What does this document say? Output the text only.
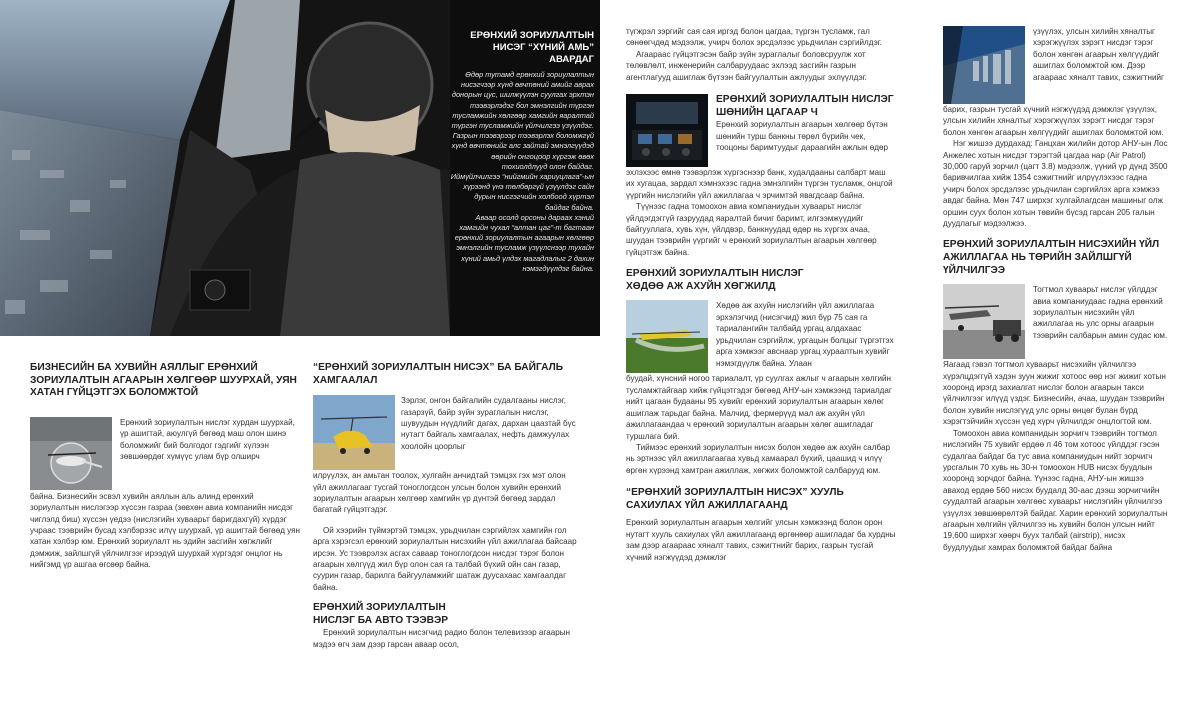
ЕРӨНХИЙ ЗОРИУЛАЛТЫН НИСЭГ “ХҮНИЙ АМЬ” АВАРДАГ

Өдөр тутамд ерөнхий зориулалтын нисэгчээр хүнд өвчтөний амийг аврах донорын цус, шилжүүлэн суулгах эрхтэн тээвэрлэдэг бол эмнэлгийн түргэн тусламжийн хөлгөөр хамгийн яаралтай түргэн тусламжийн үйлчилгээ үзүүлдэг.

Газрын тээвэрээр тээвэрлэх боломжгүй хүнд өвчтөнийг алс зайтай эмнэлгүүдэд өөрийн онгоцоор хүргэж өвөх тохиолдлууд олон байдаг.

Иймүйлчилгээ “нийгмийн хариуцлага”-ын хүрээнд үнэ төлбөргүй үзүүлдэг сайн дурын нисгэгчийн холбоод хүртэл байдаг байна.

Аваар осолд орсоны дараах хэний хамгийн чухал “алтан цаг”-т багтаан ерөнхий зориулалтын агаарын хөлгөөр эмнэлгийн тусламж үзүүлснээр тухайн хүний амьд үлдэх магадлалыг 2 дахин нэмэгдүүлдэг байна.

БИЗНЕСИЙН БА ХУВИЙН АЯЛЛЫГ ЕРӨНХИЙ ЗОРИУЛАЛТЫН АГААРЫН ХӨЛГӨӨР ШУУРХАЙ, УЯН ХАТАН ГҮЙЦЭТГЭХ БОЛОМЖТОЙ

Ерөнхий зориулалтын нислэг хурдан шуурхай, үр ашигтай, аюулгүй бөгөөд маш олон шинэ боломжийг бий болгодог гэдгийг хүлээн зөвшөөрдөг хүмүүс улам бүр олширч

байна. Бизнесийн эсвэл хувийн аяллын аль алинд ерөнхий зориулалтын нислэгээр хүссэн газраа (зөвхөн авиа компанийн нисдэг чиглэлд биш) хүссэн үедээ (нислэгийн хуваарьт баригдахгүй) хүрдэг учраас тээврийн бусад хэлбэрээс илүү шуурхай, үр ашигтай бөгөөд уян хатан хэлбэр юм. Ерөнхий зориулалт нь эдийн засгийн хөгжлийг дэмжиж, зайлшгүй үйлчилгээг ирээдүй шуурхай хүргэдэг онцлог нь нийгэмд үр ашгаа өгсөөр байна.

“ЕРӨНХИЙ ЗОРИУЛАЛТЫН НИСЭХ” БА БАЙГАЛЬ ХАМГААЛАЛ

Зэрлэг, онгон байгалийн судалгааны нислэг, газарзүй, байр зүйн зураглалын нислэг, шувуудын нүүдлийг дагах, дархан цаазтай бүс нутагт байгаль хамгаалах, нефть дамжуулах хоолойн цоорлыг

илрүүлэх, ан амьтан тоолох, хулгайн анчидтай тэмцэх гэх мэт олон үйл ажиллагааг тусгай тоноглогдсон улсын болон хувийн ерөнхий зориулалтын агаарын хөлгөөр хамгийн үр дүнтэй бөгөөд зардал багатай гүйцэтгэдэг.

Ой хээрийн түймэртэй тэмцэх, урьдчилан сэргийлэх хамгийн гол арга хэрэгсэл ерөнхий зориулалтын нисэхийн үйл ажиллагаа байсаар ирсэн. Ус тээврэлэх асгах саваар тоноглогдсон нисдэг тэрэг болон агаарын хөлгүүд жил бүр олон сая га талбай бүхий ойн сан газар, суурин газар, барилга байгууламжийг шатаж дуусахаас хамгаалдаг байна.

ЕРӨНХИЙ ЗОРИУЛАЛТЫН НИСЛЭГ БА АВТО ТЭЭВЭР

Ерөнхий зориулалтын нисэгчид радио болон телевизээр агаарын мэдээ өгч зам дээр гарсан аваар осол,

түгжрэл зэргийг сая сая иргэд болон цагдаа, түргэн тусламж, гал сөнөөгчдөд мэдээлж, учирч болох эрсдэлээс урьдчилан сэргийлдэг.

Агаараас гүйцэтгэсэн байр зүйн зураглалыг боловсруулж хот төлөвлөлт, инженерийн салбаруудаас эхлээд засгийн газрын агентлагууд ашиглаж бүтээн байгуулалтын ажлуудыг эхлүүлдэг.

ЕРӨНХИЙ ЗОРИУЛАЛТЫН НИСЛЭГ ШӨНИЙН ЦАГААР Ч

Ерөнхий зориулалтын агаарын хөлгөөр бүтэн шөнийн турш банкны төрөл бүрийн чек, тооцоны баримтуудыг дараагийн ажлын өдөр

эхлэхээс өмнө тээвэрлэж хүргэснээр банк, худалдааны салбарт маш их хугацаа, зардал хэмнэхээс гадна эмнэлгийн түргэн тусламж, онцгой үүргийн нислэгийн үйл ажиллагаа ч эрчимтэй явагдсаар байна.

Түүнээс гадна томоохон авиа компаниудын хуваарьт нислэг үйлдэгдэггүй газруудад яаралтай бичиг баримт, илгээмжүүдийг байгууллага, хувь хүн, үйлдвэр, банкнуудад өдөр нь хүргэх ачаа, шуудан тээврийн үүргийг ч ерөнхий зориулалтын агаарын хөлгөөр гүйцэтгэж байна.

ЕРӨНХИЙ ЗОРИУЛАЛТЫН НИСЛЭГ ХӨДӨӨ АЖ АХУЙН ХӨГЖИЛД

Хөдөө аж ахуйн нислэгийн үйл ажиллагаа эрхэлэгчид (нисэгчид) жил бүр 75 сая га тариалангийн талбайд ургац алдахаас урьдчилан сэргийлж, ургацын болцыг түргэтгэх арга хэмжээг авснаар ургац хураалтын хувийг нэмэгдүүлж байна. Улаан

буудай, хүнсний ногоо тариалалт, үр суулгах ажлыг ч агаарын хөлгийн тусламжтайгаар хийж гүйцэтгэдэг бөгөөд АНУ-ын хэмжээнд тариалдаг нийт цагаан будааны 95 хувийг ерөнхий зориулалтын агаарын хөлөг ашиглаж тарьдаг байна. Малчид, фермерүүд мал аж ахуйн үйл ажиллагаандаа ч ерөнхий зориулалтын агаарын хөлөг ашигладаг туршлага бий.

Тиймээс ерөнхий зориулалтын нисэх болон хөдөө аж ахуйн салбар нь эртнээс үйл ажиллагаагаа хувьд хамаарал бүхий, цаашид ч илүү өргөн хүрээнд хамтран ажиллаж, хөгжих боломжтой салбарууд юм.

“ЕРӨНХИЙ ЗОРИУЛАЛТЫН НИСЭХ” ХУУЛЬ САХИУЛАХ ҮЙЛ АЖИЛЛАГААНД

Ерөнхий зориулалтын агаарын хөлгийг улсын хэмжээнд болон орон нутагт хууль сахиулах үйл ажиллагаанд өргөнөөр ашигладаг ба хурдны зам дээр агаараас хяналт тавих, сэжигтнийг барих, газрын тусгай хүчний нэгжүүдэд дэмжлэг

үзүүлэх, улсын хилийн хяналтыг хэрэгжүүлэх зэрэгт нисдэг тэрэг болон хөнгөн агаарын хөлгүүдийг ашиглах боломжтой юм. Дээр агаараас хяналт тавих, сэжигтнийг

барих, газрын тусгай хүчний нэгжүүдэд дэмжлэг үзүүлэх, улсын хилийн хяналтыг хэрэгжүүлэх зэрэгт нисдэг тэрэг болон хөнгөн агаарын хөлгүүдийг ашиглах боломжтой юм.

Нэг жишээ дурдахад: Ганцхан жилийн дотор АНУ-ын Лос Анжелес хотын нисдэг тэрэгтэй цагдаа нар (Air Patrol) 30,000 гаруй зорчил (цагт 3.8) мэдээлж, үүний үр дүнд 3500 баривчилгаа хийж 1354 сэжигтнийг илрүүлэхээс гадна учирч болох эрсдэлээс урьдчилан сэргийлэх арга хэмжээ авдаг байна. Мөн 747 ширхэг хулгайлагдсан машиныг олж оршин суух болон хотын төвийн бүсэд гарсан 205 галын дуудлагыг мэдээлжээ.

ЕРӨНХИЙ ЗОРИУЛАЛТЫН НИСЭХИЙН ҮЙЛ АЖИЛЛАГАА НЬ ТӨРИЙН ЗАЙЛШГҮЙ ҮЙЛЧИЛГЭЭ

Тогтмол хуваарьт нислэг үйлддэг авиа компаниудаас гадна ерөнхий зориулалтын нисэхийн үйл ажиллагаа нь улс орны агаарын тээврийн салбарын амин судас юм.

Яагаад гэвэл тогтмол хуваарьт нисэхийн үйлчилгээ хүрэлцдэггүй хэдэн зуун жижиг хотоос өөр нэг жижиг хотын хооронд ирэгд захиалгат нислэг болон агаарын такси үйлчилгээг илүүд үздэг. Бизнесийн, ачаа, шуудан тээврийн болон хувийн нислэгүүд улс орны өнцөг булан бүрд хэрэгтэйчийн хүссэн үед хүрч үйлчилдэг онцлогтой юм.

Томоохон авиа компанидын зорчигч тээврийн тогтмол нислэгийн 75 хувийг ердөө л 46 том хотоос үйлддэг гэсэн судалгаа байдаг ба тус авиа компаниудын нийт зорчигч урсгалын 70 хувь нь 30-н томоохон HUB нисэх буудлын хооронд зорчдог байна. Үүнээс гадна, АНУ-ын жишээ аваход ердөө 560 нисэх буудалд 30-аас дээш зорчигчийн суудалтай агаарын хөлгөөс хуваарьт нислэгийн үйлчилгээ үзүүлэх зөвшөөрөлтэй байдаг. Харин ерөнхий зориулалтын агаарын хөлгийн үйлчилгээ нь хувийн болон улсын нийт 19,600 ширхэг хөөрч буух талбай (airstrip), нисэх буудлуудыг хамрах боломжтой байдаг байна
